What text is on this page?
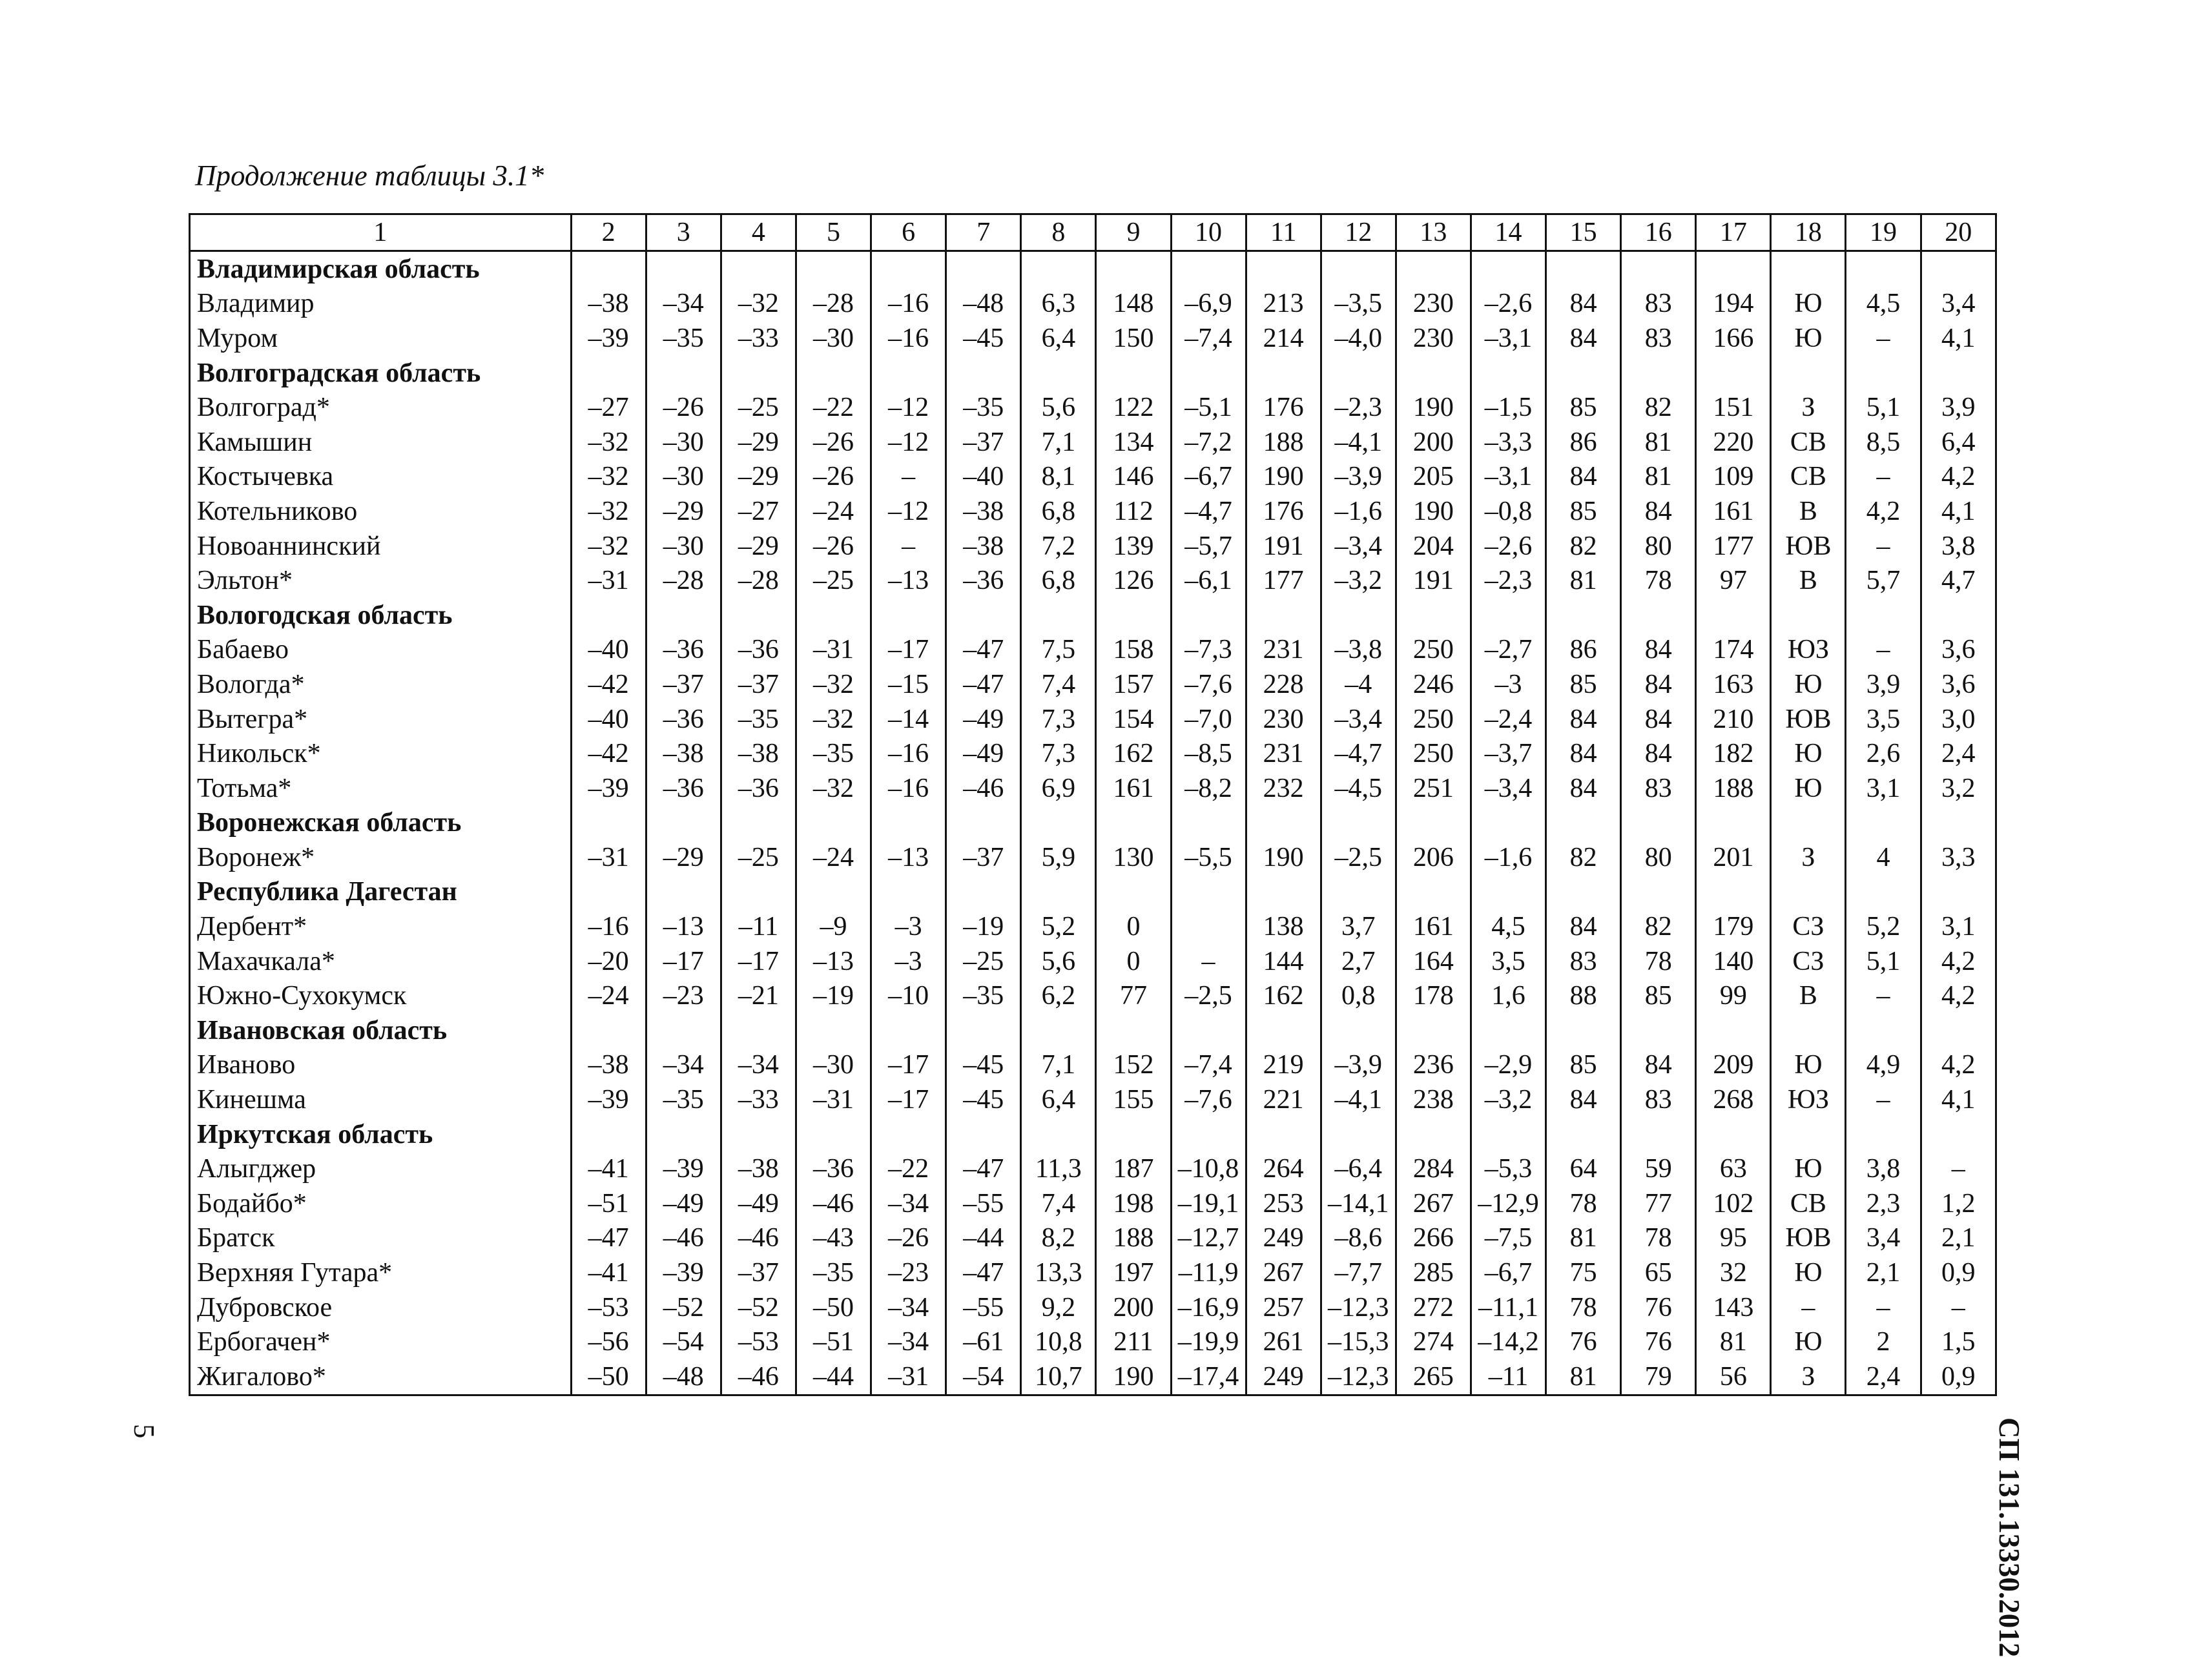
Продолжение таблицы 3.1*
1	2	3	4	5	6	7	8	9	10	11	12	13	14	15	16	17	18	19	20
Владимирская область																			
Владимир	–38	–34	–32	–28	–16	–48	6,3	148	–6,9	213	–3,5	230	–2,6	84	83	194	Ю	4,5	3,4
Муром	–39	–35	–33	–30	–16	–45	6,4	150	–7,4	214	–4,0	230	–3,1	84	83	166	Ю	–	4,1
Волгоградская область																			
Волгоград*	–27	–26	–25	–22	–12	–35	5,6	122	–5,1	176	–2,3	190	–1,5	85	82	151	З	5,1	3,9
Камышин	–32	–30	–29	–26	–12	–37	7,1	134	–7,2	188	–4,1	200	–3,3	86	81	220	СВ	8,5	6,4
Костычевка	–32	–30	–29	–26	–	–40	8,1	146	–6,7	190	–3,9	205	–3,1	84	81	109	СВ	–	4,2
Котельниково	–32	–29	–27	–24	–12	–38	6,8	112	–4,7	176	–1,6	190	–0,8	85	84	161	В	4,2	4,1
Новоаннинский	–32	–30	–29	–26	–	–38	7,2	139	–5,7	191	–3,4	204	–2,6	82	80	177	ЮВ	–	3,8
Эльтон*	–31	–28	–28	–25	–13	–36	6,8	126	–6,1	177	–3,2	191	–2,3	81	78	97	В	5,7	4,7
Вологодская область																			
Бабаево	–40	–36	–36	–31	–17	–47	7,5	158	–7,3	231	–3,8	250	–2,7	86	84	174	ЮЗ	–	3,6
Вологда*	–42	–37	–37	–32	–15	–47	7,4	157	–7,6	228	–4	246	–3	85	84	163	Ю	3,9	3,6
Вытегра*	–40	–36	–35	–32	–14	–49	7,3	154	–7,0	230	–3,4	250	–2,4	84	84	210	ЮВ	3,5	3,0
Никольск*	–42	–38	–38	–35	–16	–49	7,3	162	–8,5	231	–4,7	250	–3,7	84	84	182	Ю	2,6	2,4
Тотьма*	–39	–36	–36	–32	–16	–46	6,9	161	–8,2	232	–4,5	251	–3,4	84	83	188	Ю	3,1	3,2
Воронежская область																			
Воронеж*	–31	–29	–25	–24	–13	–37	5,9	130	–5,5	190	–2,5	206	–1,6	82	80	201	З	4	3,3
Республика Дагестан																			
Дербент*	–16	–13	–11	–9	–3	–19	5,2	0		138	3,7	161	4,5	84	82	179	СЗ	5,2	3,1
Махачкала*	–20	–17	–17	–13	–3	–25	5,6	0	–	144	2,7	164	3,5	83	78	140	СЗ	5,1	4,2
Южно-Сухокумск	–24	–23	–21	–19	–10	–35	6,2	77	–2,5	162	0,8	178	1,6	88	85	99	В	–	4,2
Ивановская область																			
Иваново	–38	–34	–34	–30	–17	–45	7,1	152	–7,4	219	–3,9	236	–2,9	85	84	209	Ю	4,9	4,2
Кинешма	–39	–35	–33	–31	–17	–45	6,4	155	–7,6	221	–4,1	238	–3,2	84	83	268	ЮЗ	–	4,1
Иркутская область																			
Алыгджер	–41	–39	–38	–36	–22	–47	11,3	187	–10,8	264	–6,4	284	–5,3	64	59	63	Ю	3,8	–
Бодайбо*	–51	–49	–49	–46	–34	–55	7,4	198	–19,1	253	–14,1	267	–12,9	78	77	102	СВ	2,3	1,2
Братск	–47	–46	–46	–43	–26	–44	8,2	188	–12,7	249	–8,6	266	–7,5	81	78	95	ЮВ	3,4	2,1
Верхняя Гутара*	–41	–39	–37	–35	–23	–47	13,3	197	–11,9	267	–7,7	285	–6,7	75	65	32	Ю	2,1	0,9
Дубровское	–53	–52	–52	–50	–34	–55	9,2	200	–16,9	257	–12,3	272	–11,1	78	76	143	–	–	–
Ербогачен*	–56	–54	–53	–51	–34	–61	10,8	211	–19,9	261	–15,3	274	–14,2	76	76	81	Ю	2	1,5
Жигалово*	–50	–48	–46	–44	–31	–54	10,7	190	–17,4	249	–12,3	265	–11	81	79	56	З	2,4	0,9
СП 131.13330.2012
5
